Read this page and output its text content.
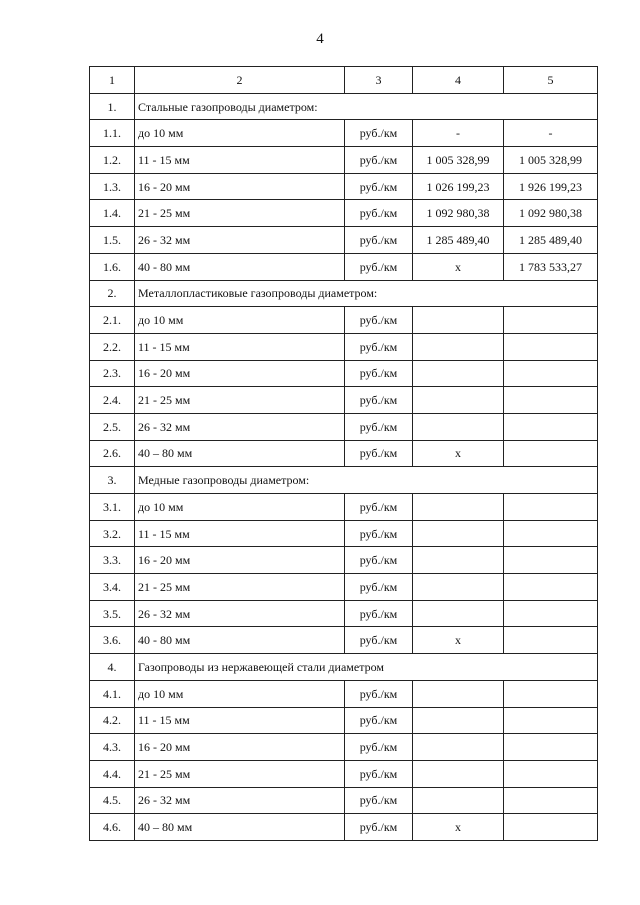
4
1	2	3	4	5
1.	Стальные газопроводы диаметром:			
1.1.	до 10 мм	руб./км	-	-
1.2.	11 - 15 мм	руб./км	1 005 328,99	1 005 328,99
1.3.	16 - 20 мм	руб./км	1 026 199,23	1 926 199,23
1.4.	21 - 25 мм	руб./км	1 092 980,38	1 092 980,38
1.5.	26 - 32 мм	руб./км	1 285 489,40	1 285 489,40
1.6.	40 - 80 мм	руб./км	х	1 783 533,27
2.	Металлопластиковые газопроводы диаметром:			
2.1.	до 10 мм	руб./км		
2.2.	11 - 15 мм	руб./км		
2.3.	16 - 20 мм	руб./км		
2.4.	21 - 25 мм	руб./км		
2.5.	26 - 32 мм	руб./км		
2.6.	40 – 80 мм	руб./км	х	
3.	Медные газопроводы диаметром:			
3.1.	до 10 мм	руб./км		
3.2.	11 - 15 мм	руб./км		
3.3.	16 - 20 мм	руб./км		
3.4.	21 - 25 мм	руб./км		
3.5.	26 - 32 мм	руб./км		
3.6.	40 - 80 мм	руб./км	х	
4.	Газопроводы из нержавеющей стали диаметром			
4.1.	до 10 мм	руб./км		
4.2.	11 - 15 мм	руб./км		
4.3.	16 - 20 мм	руб./км		
4.4.	21 - 25 мм	руб./км		
4.5.	26 - 32 мм	руб./км		
4.6.	40 – 80 мм	руб./км	х	
